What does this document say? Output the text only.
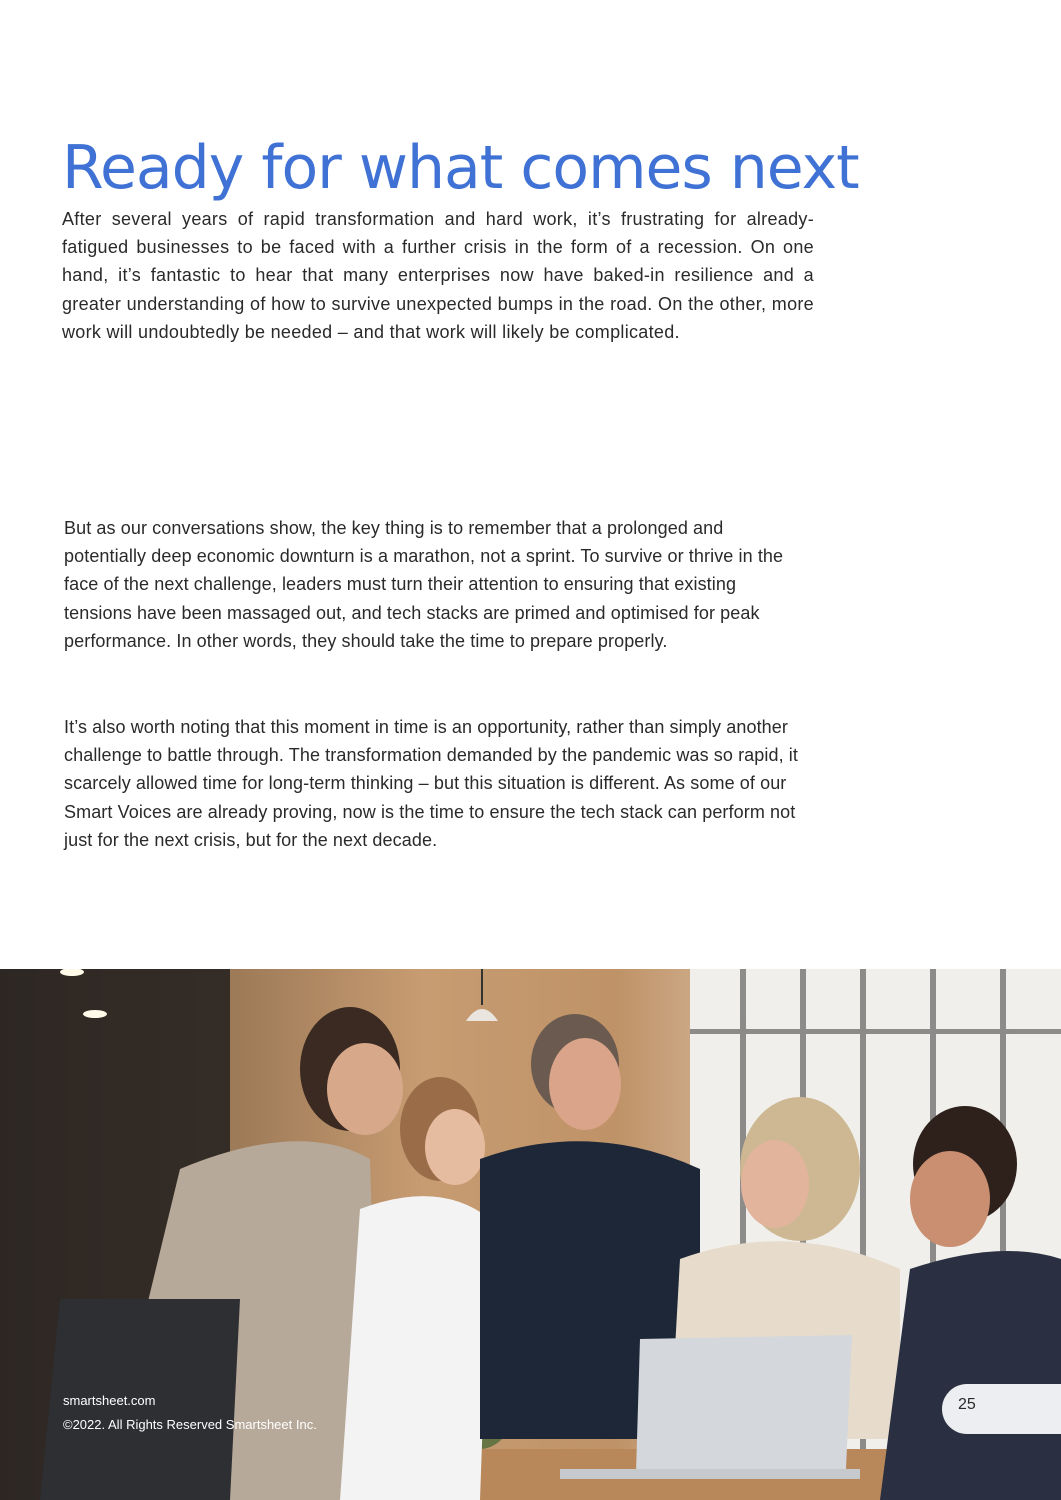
Ready for what comes next

After several years of rapid transformation and hard work, it’s frustrating for already-fatigued businesses to be faced with a further crisis in the form of a recession. On one hand, it’s fantastic to hear that many enterprises now have baked-in resilience and a greater understanding of how to survive unexpected bumps in the road. On the other, more work will undoubtedly be needed – and that work will likely be complicated.

But as our conversations show, the key thing is to remember that a prolonged and potentially deep economic downturn is a marathon, not a sprint. To survive or thrive in the face of the next challenge, leaders must turn their attention to ensuring that existing tensions have been massaged out, and tech stacks are primed and optimised for peak performance. In other words, they should take the time to prepare properly.

It’s also worth noting that this moment in time is an opportunity, rather than simply another challenge to battle through. The transformation demanded by the pandemic was so rapid, it scarcely allowed time for long-term thinking – but this situation is different. As some of our Smart Voices are already proving, now is the time to ensure the tech stack can perform not just for the next crisis, but for the next decade.

smartsheet.com
©2022. All Rights Reserved Smartsheet Inc.
25
